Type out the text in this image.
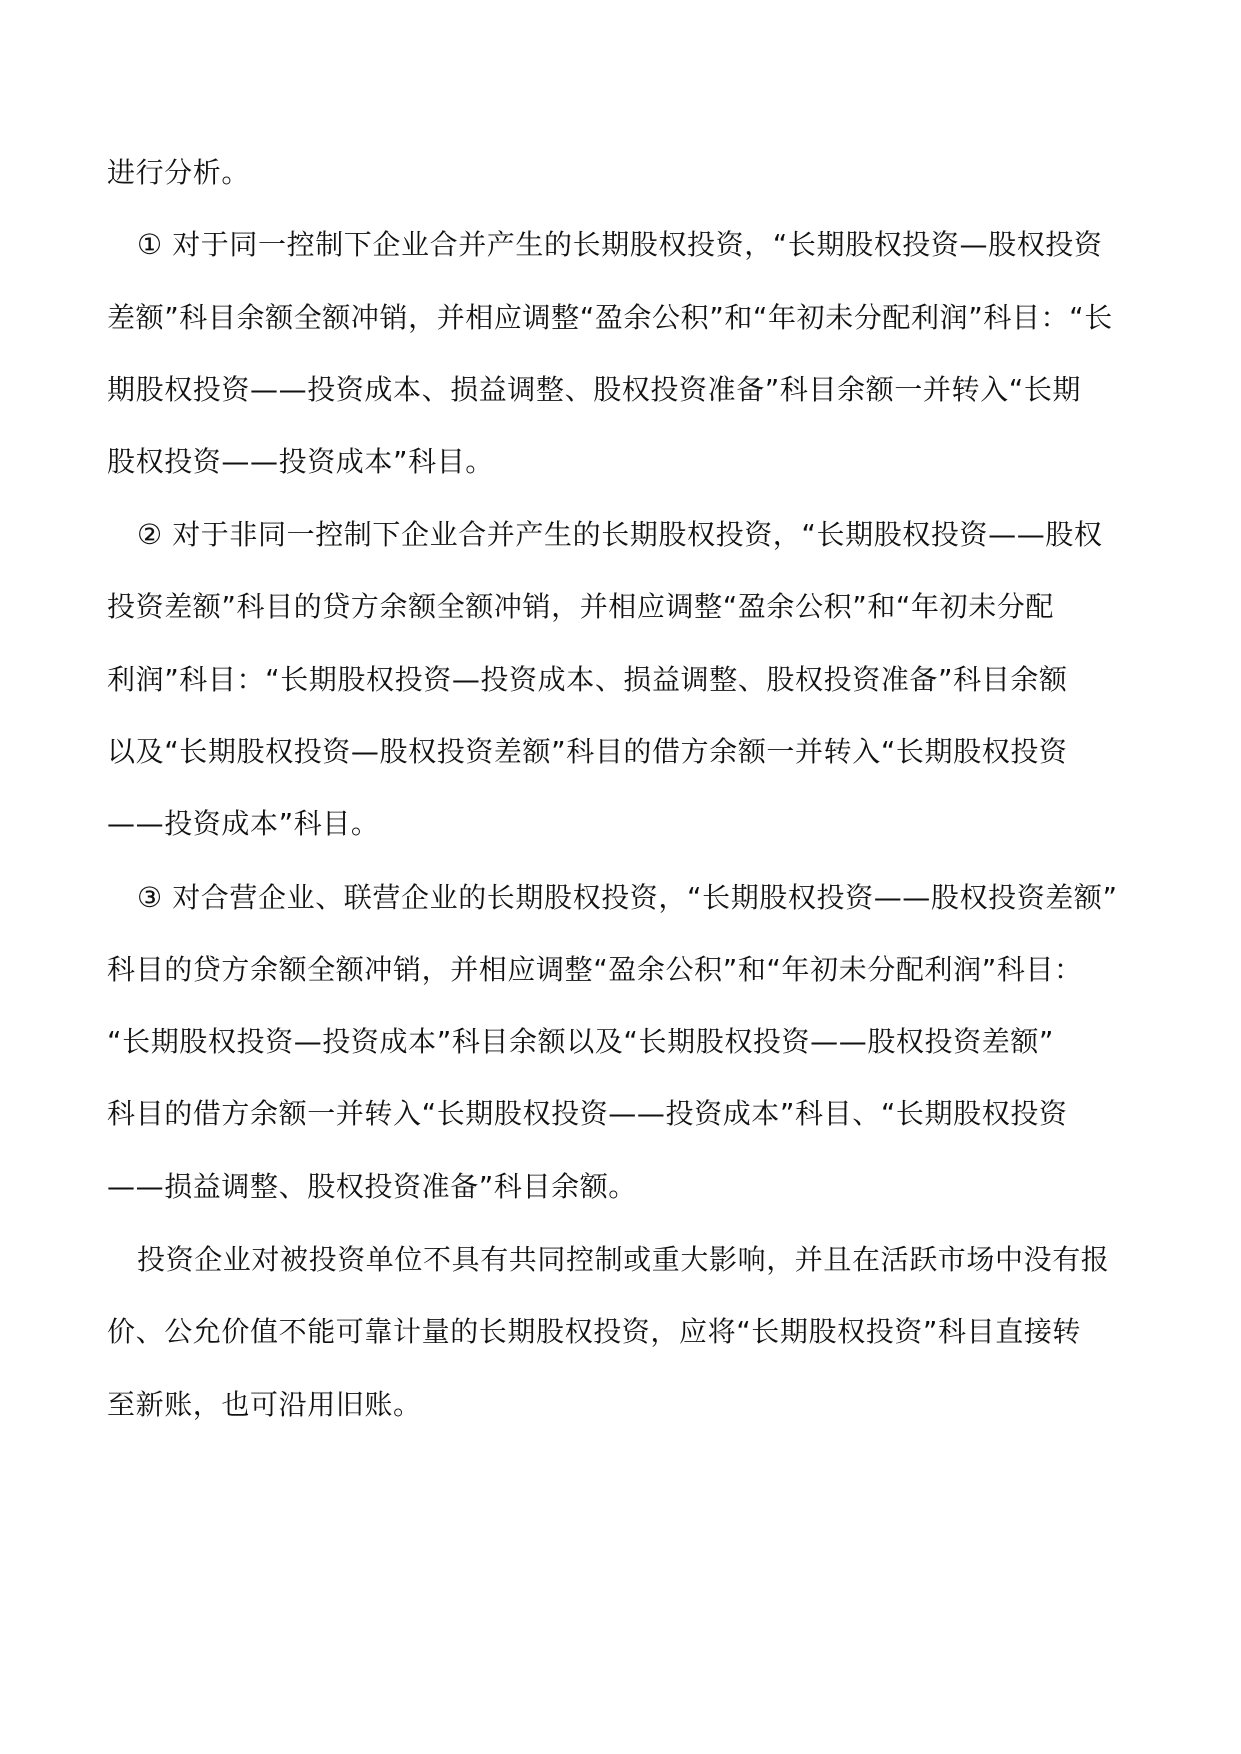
进行分析。

① 对于同一控制下企业合并产生的长期股权投资，“长期股权投资—股权投资

差额”科目余额全额冲销，并相应调整“盈余公积”和“年初未分配利润”科目：“长

期股权投资——投资成本、损益调整、股权投资准备”科目余额一并转入“长期

股权投资——投资成本”科目。

② 对于非同一控制下企业合并产生的长期股权投资，“长期股权投资——股权

投资差额”科目的贷方余额全额冲销，并相应调整“盈余公积”和“年初未分配

利润”科目：“长期股权投资—投资成本、损益调整、股权投资准备”科目余额

以及“长期股权投资—股权投资差额”科目的借方余额一并转入“长期股权投资

——投资成本”科目。

③ 对合营企业、联营企业的长期股权投资，“长期股权投资——股权投资差额”

科目的贷方余额全额冲销，并相应调整“盈余公积”和“年初未分配利润”科目：

“长期股权投资—投资成本”科目余额以及“长期股权投资——股权投资差额”

科目的借方余额一并转入“长期股权投资——投资成本”科目、“长期股权投资

——损益调整、股权投资准备”科目余额。

投资企业对被投资单位不具有共同控制或重大影响，并且在活跃市场中没有报

价、公允价值不能可靠计量的长期股权投资，应将“长期股权投资”科目直接转

至新账，也可沿用旧账。
